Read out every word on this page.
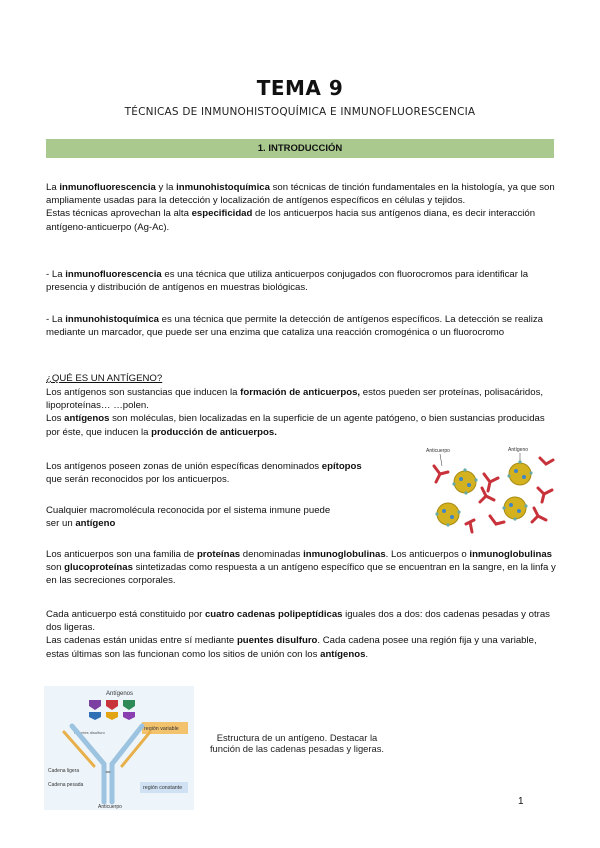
TEMA 9
TÉCNICAS DE INMUNOHISTOQUÍMICA E INMUNOFLUORESCENCIA
1. INTRODUCCIÓN
La inmunofluorescencia y la inmunohistoquímica son técnicas de tinción fundamentales en la histología, ya que son ampliamente usadas para la detección y localización de antígenos específicos en células y tejidos.
Estas técnicas aprovechan la alta especificidad de los anticuerpos hacia sus antígenos diana, es decir interacción antígeno-anticuerpo (Ag-Ac).
- La inmunofluorescencia es una técnica que utiliza anticuerpos conjugados con fluorocromos para identificar la presencia y distribución de antígenos en muestras biológicas.
- La inmunohistoquímica es una técnica que permite la detección de antígenos específicos. La detección se realiza mediante un marcador, que puede ser una enzima que cataliza una reacción cromogénica o un fluorocromo
¿QUÉ ES UN ANTÍGENO?
Los antígenos son sustancias que inducen la formación de anticuerpos, estos pueden ser proteínas, polisacáridos, lipoproteínas… …polen.
Los antígenos son moléculas, bien localizadas en la superficie de un agente patógeno, o bien sustancias producidas por éste, que inducen la producción de anticuerpos.
Los antígenos poseen zonas de unión específicas denominados epítopos
que serán reconocidos por los anticuerpos.
Cualquier macromolécula reconocida por el sistema inmune puede
ser un antígeno
Anticuerpo	Antígeno
Los anticuerpos son una familia de proteínas denominadas inmunoglobulinas. Los anticuerpos o inmunoglobulinas son glucoproteínas sintetizadas como respuesta a un antígeno específico que se encuentran en la sangre, en la linfa y en las secreciones corporales.
Cada anticuerpo está constituido por cuatro cadenas polipeptídicas iguales dos a dos: dos cadenas pesadas y otras dos ligeras.
Las cadenas están unidas entre sí mediante puentes disulfuro. Cada cadena posee una región fija y una variable, estas últimas son las funcionan como los sitios de unión con los antígenos.
Antígenos
región variable
Puentes disulfuro
región constante
Cadena ligera
Cadena pesada
Anticuerpo
Estructura de un antígeno. Destacar la función de las cadenas pesadas y ligeras.
1
